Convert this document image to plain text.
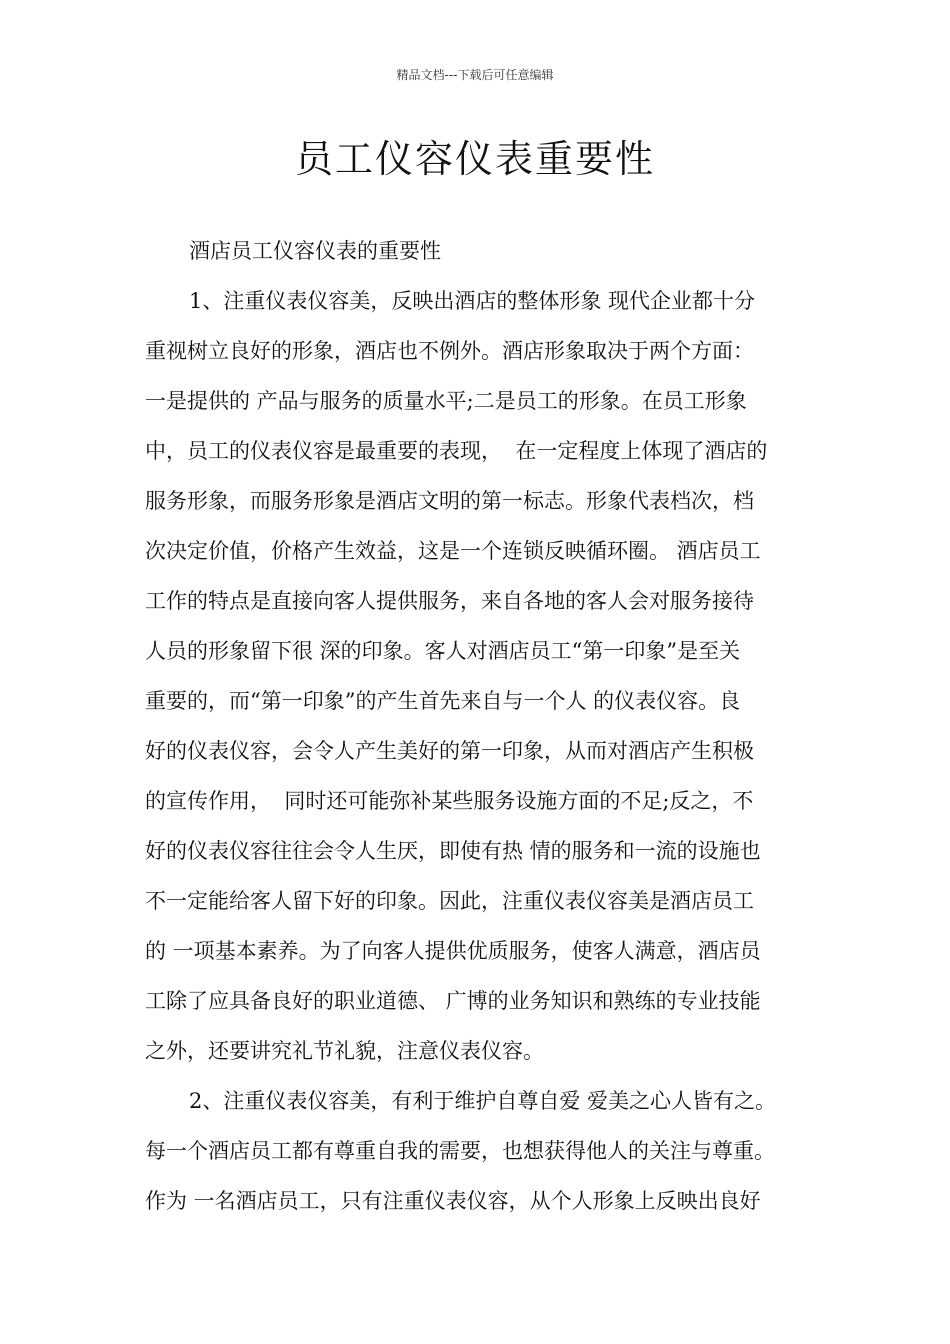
精品文档---下载后可任意编辑
员工仪容仪表重要性
酒店员工仪容仪表的重要性
1、注重仪表仪容美，反映出酒店的整体形象 现代企业都十分
重视树立良好的形象，酒店也不例外。酒店形象取决于两个方面：
一是提供的 产品与服务的质量水平;二是员工的形象。在员工形象
中，员工的仪表仪容是最重要的表现，  在一定程度上体现了酒店的
服务形象，而服务形象是酒店文明的第一标志。形象代表档次，档
次决定价值，价格产生效益，这是一个连锁反映循环圈。 酒店员工
工作的特点是直接向客人提供服务，来自各地的客人会对服务接待
人员的形象留下很 深的印象。客人对酒店员工“第一印象”是至关
重要的，而“第一印象”的产生首先来自与一个人 的仪表仪容。良
好的仪表仪容，会令人产生美好的第一印象，从而对酒店产生积极
的宣传作用，  同时还可能弥补某些服务设施方面的不足;反之，不
好的仪表仪容往往会令人生厌，即使有热 情的服务和一流的设施也
不一定能给客人留下好的印象。因此，注重仪表仪容美是酒店员工
的 一项基本素养。为了向客人提供优质服务，使客人满意，酒店员
工除了应具备良好的职业道德、 广博的业务知识和熟练的专业技能
之外，还要讲究礼节礼貌，注意仪表仪容。
2、注重仪表仪容美，有利于维护自尊自爱 爱美之心人皆有之。
每一个酒店员工都有尊重自我的需要，也想获得他人的关注与尊重。
作为 一名酒店员工，只有注重仪表仪容，从个人形象上反映出良好
